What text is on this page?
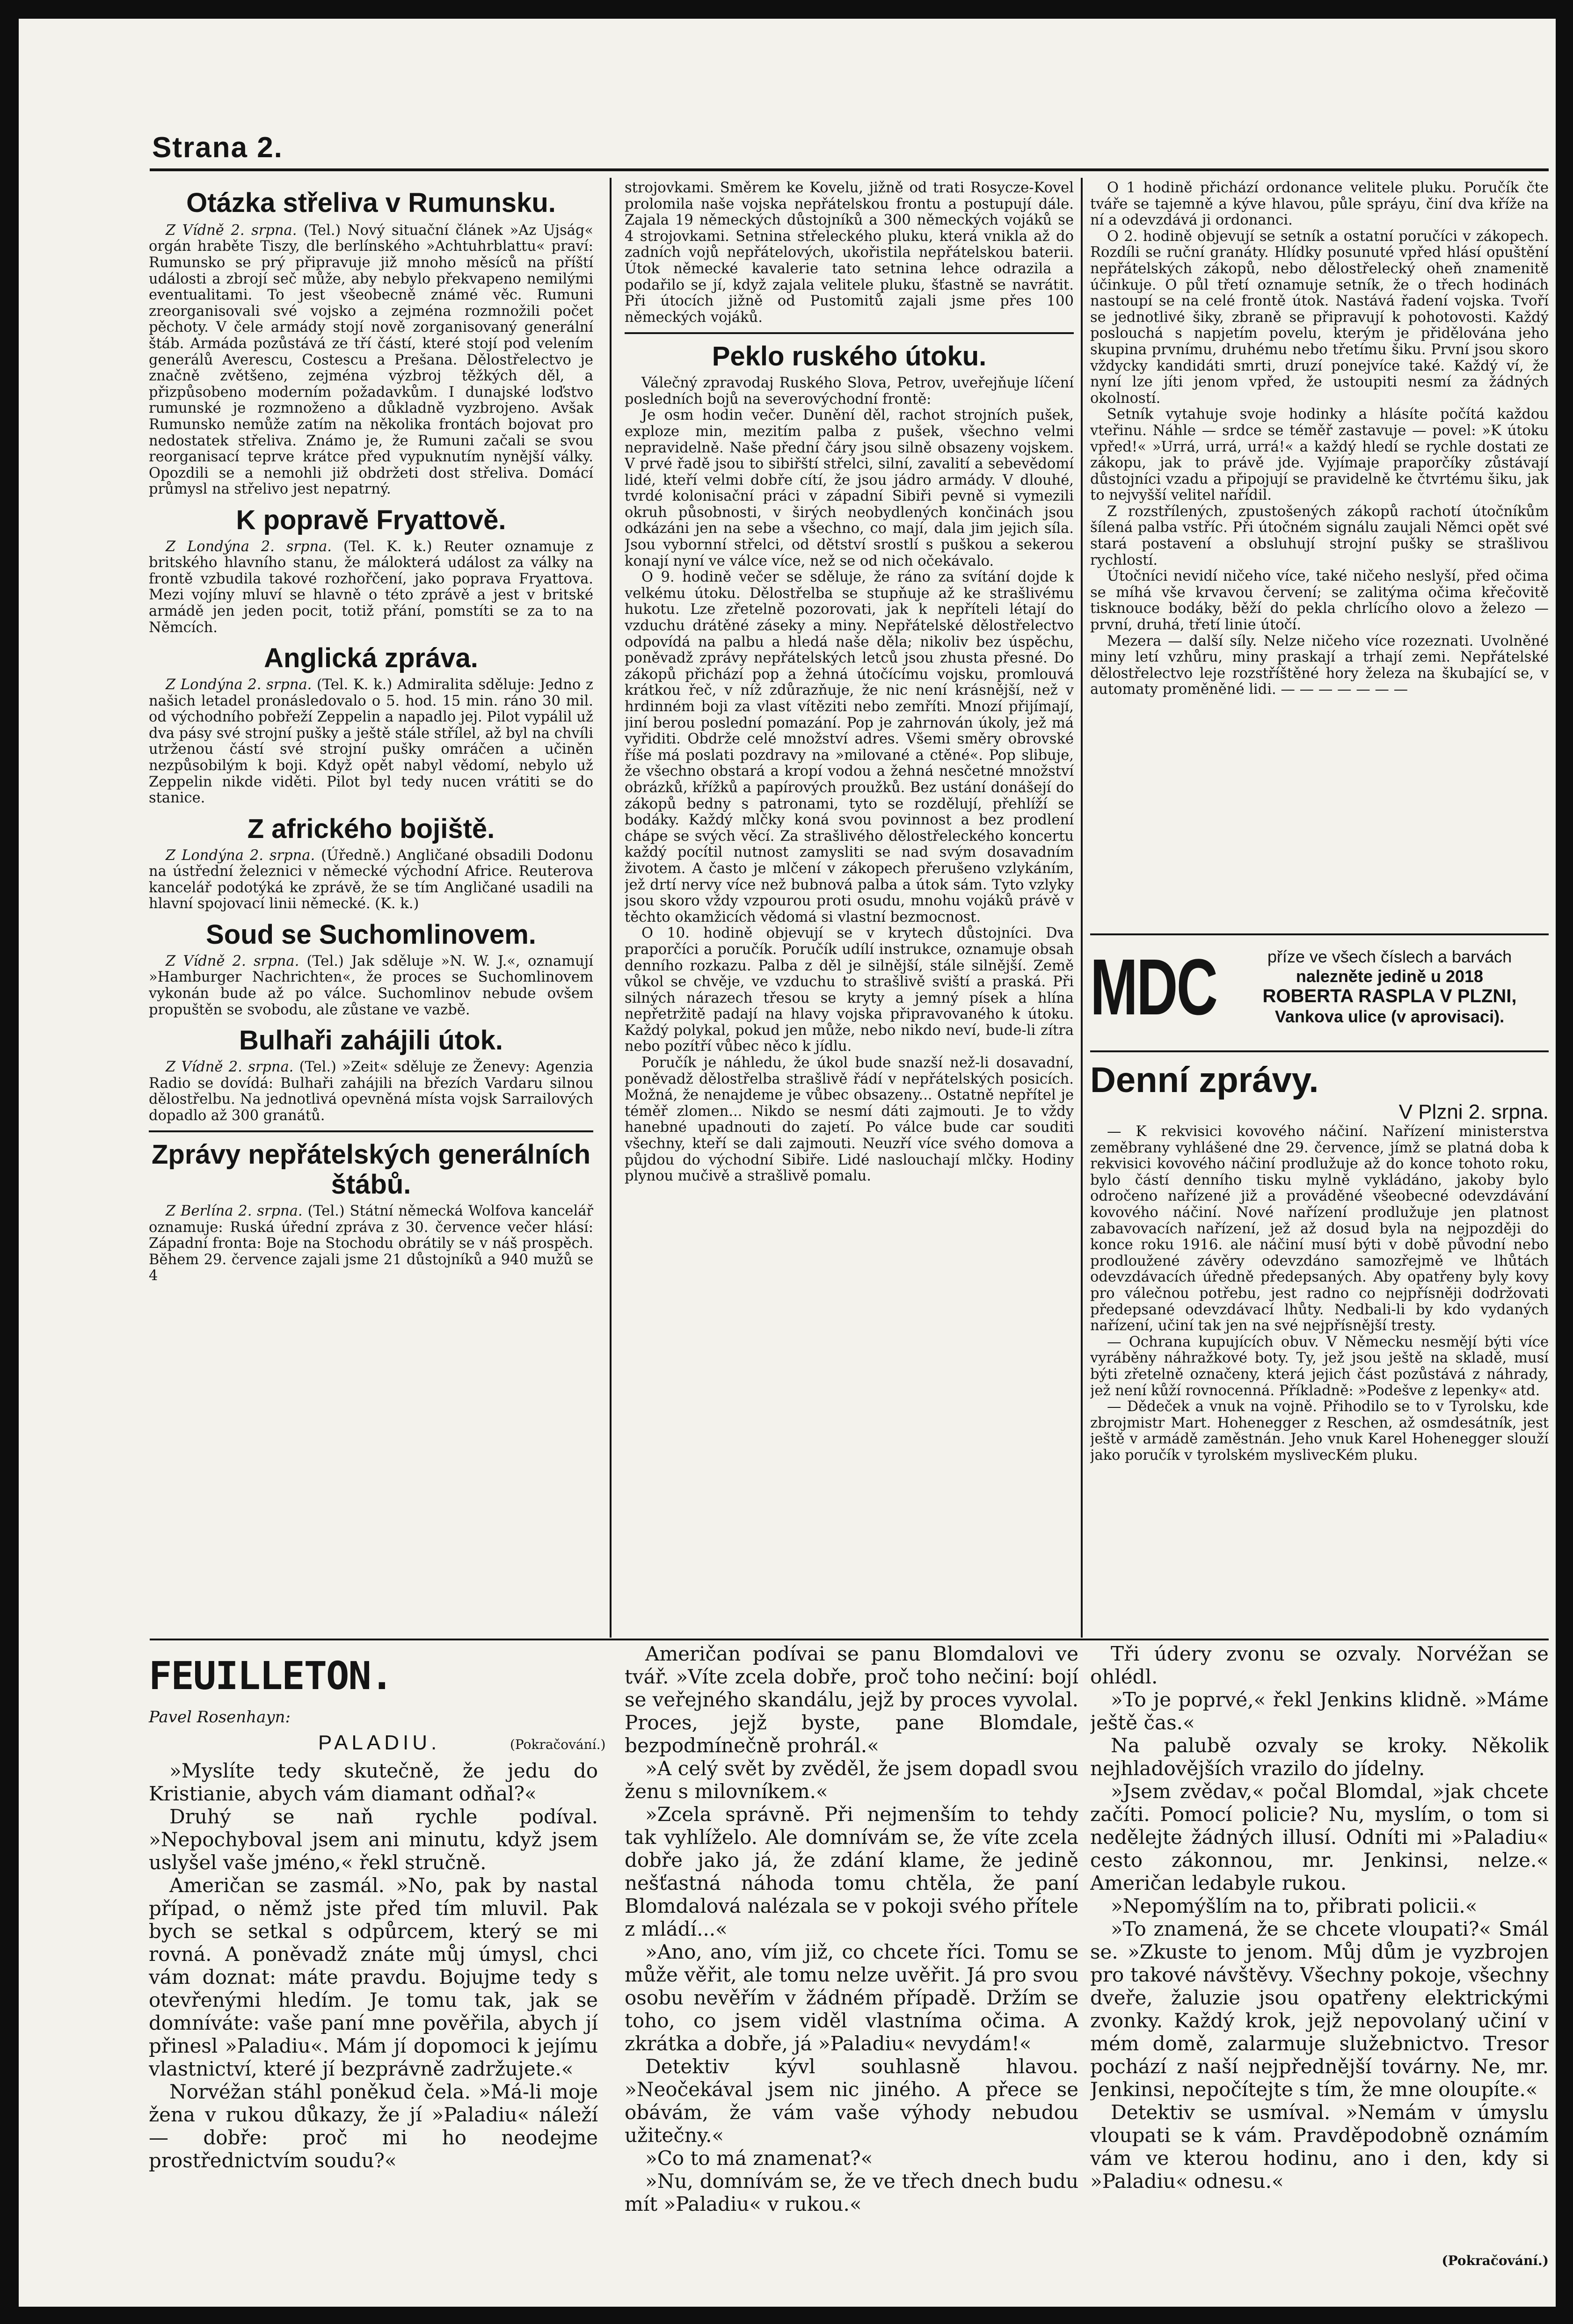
Strana 2.
Otázka střeliva v Rumunsku.

Z Vídně 2. srpna. (Tel.) Nový situační článek »Az Ujság« orgán hraběte Tiszy, dle berlínského »Achtuhrblattu« praví: Rumunsko se prý připravuje již mnoho měsíců na příští události a zbrojí seč může, aby nebylo překvapeno nemilými eventualitami. To jest všeobecně známé věc. Rumuni zreorganisovali své vojsko a zejména rozmnožili počet pěchoty. V čele armády stojí nově zorganisovaný generální štáb. Armáda pozůstává ze tří částí, které stojí pod velením generálů Averescu, Costescu a Prešana. Dělostřelectvo je značně zvětšeno, zejména výzbroj těžkých děl, a přizpůsobeno moderním požadavkům. I dunajské loďstvo rumunské je rozmnoženo a důkladně vyzbrojeno. Avšak Rumunsko nemůže zatím na několika frontách bojovat pro nedostatek střeliva. Známo je, že Rumuni začali se svou reorganisací teprve krátce před vypuknutím nynější války. Opozdili se a nemohli již obdržeti dost střeliva. Domácí průmysl na střelivo jest nepatrný.

K popravě Fryattově.

Z Londýna 2. srpna. (Tel. K. k.) Reuter oznamuje z britského hlavního stanu, že málokterá událost za války na frontě vzbudila takové rozhořčení, jako poprava Fryattova. Mezi vojíny mluví se hlavně o této zprávě a jest v britské armádě jen jeden pocit, totiž přání, pomstíti se za to na Němcích.

Anglická zpráva.

Z Londýna 2. srpna. (Tel. K. k.) Admiralita sděluje: Jedno z našich letadel pronásledovalo o 5. hod. 15 min. ráno 30 mil. od východního pobřeží Zeppelin a napadlo jej. Pilot vypálil už dva pásy své strojní pušky a ještě stále střílel, až byl na chvíli utrženou částí své strojní pušky omráčen a učiněn nezpůsobilým k boji. Když opět nabyl vědomí, nebylo už Zeppelin nikde viděti. Pilot byl tedy nucen vrátiti se do stanice.

Z afrického bojiště.

Z Londýna 2. srpna. (Úředně.) Angličané obsadili Dodonu na ústřední železnici v německé východní Africe. Reuterova kancelář podotýká ke zprávě, že se tím Angličané usadili na hlavní spojovací linii německé. (K. k.)

Soud se Suchomlinovem.

Z Vídně 2. srpna. (Tel.) Jak sděluje »N. W. J.«, oznamují »Hamburger Nachrichten«, že proces se Suchomlinovem vykonán bude až po válce. Suchomlinov nebude ovšem propuštěn se svobodu, ale zůstane ve vazbě.

Bulhaři zahájili útok.

Z Vídně 2. srpna. (Tel.) »Zeit« sděluje ze Ženevy: Agenzia Radio se dovídá: Bulhaři zahájili na březích Vardaru silnou dělostřelbu. Na jednotlivá opevněná místa vojsk Sarrailových dopadlo až 300 granátů.

Zprávy nepřátelských generálních štábů.

Z Berlína 2. srpna. (Tel.) Státní německá Wolfova kancelář oznamuje: Ruská úřední zpráva z 30. července večer hlásí: Západní fronta: Boje na Stochodu obrátily se v náš prospěch. Během 29. července zajali jsme 21 důstojníků a 940 mužů se 4

strojovkami. Směrem ke Kovelu, jižně od trati Rosycze-Kovel prolomila naše vojska nepřátelskou frontu a postupují dále. Zajala 19 německých důstojníků a 300 německých vojáků se 4 strojovkami. Setnina střeleckého pluku, která vnikla až do zadních vojů nepřátelových, ukořistila nepřátelskou baterii. Útok německé kavalerie tato setnina lehce odrazila a podařilo se jí, když zajala velitele pluku, šťastně se navrátit. Při útocích jižně od Pustomitů zajali jsme přes 100 německých vojáků.

Peklo ruského útoku.

Válečný zpravodaj Ruského Slova, Petrov, uveřejňuje líčení posledních bojů na severovýchodní frontě:

Je osm hodin večer. Dunění děl, rachot strojních pušek, exploze min, mezitím palba z pušek, všechno velmi nepravidelně. Naše přední čáry jsou silně obsazeny vojskem. V prvé řadě jsou to sibiřští střelci, silní, zavalití a sebevědomí lidé, kteří velmi dobře cítí, že jsou jádro armády. V dlouhé, tvrdé kolonisační práci v západní Sibiři pevně si vymezili okruh působnosti, v širých neobydlených končinách jsou odkázáni jen na sebe a všechno, co mají, dala jim jejich síla. Jsou vybornní střelci, od dětství srostlí s puškou a sekerou konají nyní ve válce více, než se od nich očekávalo.

O 9. hodině večer se sděluje, že ráno za svítání dojde k velkému útoku. Dělostřelba se stupňuje až ke strašlivému hukotu. Lze zřetelně pozorovati, jak k nepříteli létají do vzduchu drátěné záseky a miny. Nepřátelské dělostřelectvo odpovídá na palbu a hledá naše děla; nikoliv bez úspěchu, poněvadž zprávy nepřátelských letců jsou zhusta přesné. Do zákopů přichází pop a žehná útočícímu vojsku, promlouvá krátkou řeč, v níž zdůrazňuje, že nic není krásnější, než v hrdinném boji za vlast vítěziti nebo zemříti. Mnozí přijímají, jiní berou poslední pomazání. Pop je zahrnován úkoly, jež má vyřiditi. Obdrže celé množství adres. Všemi směry obrovské říše má poslati pozdravy na »milované a ctěné«. Pop slibuje, že všechno obstará a kropí vodou a žehná nesčetné množství obrázků, křížků a papírových proužků. Bez ustání donášejí do zákopů bedny s patronami, tyto se rozdělují, přehlíží se bodáky. Každý mlčky koná svou povinnost a bez prodlení chápe se svých věcí. Za strašlivého dělostřeleckého koncertu každý pocítil nutnost zamysliti se nad svým dosavadním životem. A často je mlčení v zákopech přerušeno vzlykáním, jež drtí nervy více než bubnová palba a útok sám. Tyto vzlyky jsou skoro vždy vzpourou proti osudu, mnohu vojáků právě v těchto okamžicích vědomá si vlastní bezmocnost.

O 10. hodině objevují se v krytech důstojníci. Dva praporčíci a poručík. Poručík udílí instrukce, oznamuje obsah denního rozkazu. Palba z děl je silnější, stále silnější. Země vůkol se chvěje, ve vzduchu to strašlivě sviští a praská. Při silných nárazech třesou se kryty a jemný písek a hlína nepřetržitě padají na hlavy vojska připravovaného k útoku. Každý polykal, pokud jen může, nebo nikdo neví, bude-li zítra nebo pozítří vůbec něco k jídlu.

Poručík je náhledu, že úkol bude snazší než-li dosavadní, poněvadž dělostřelba strašlivě řádí v nepřátelských posicích. Možná, že nenajdeme je vůbec obsazeny... Ostatně nepřítel je téměř zlomen... Nikdo se nesmí dáti zajmouti. Je to vždy hanebné upadnouti do zajetí. Po válce bude car souditi všechny, kteří se dali zajmouti. Neuzří více svého domova a půjdou do východní Sibiře. Lidé naslouchají mlčky. Hodiny plynou mučivě a strašlivě pomalu.

O 1 hodině přichází ordonance velitele pluku. Poručík čte tváře se tajemně a kýve hlavou, půle spráyu, činí dva kříže na ní a odevzdává ji ordonanci.

O 2. hodině objevují se setník a ostatní poručíci v zákopech. Rozdíli se ruční granáty. Hlídky posunuté vpřed hlásí opuštění nepřátelských zákopů, nebo dělostřelecký oheň znamenitě účinkuje. O půl třetí oznamuje setník, že o třech hodinách nastoupí se na celé frontě útok. Nastává řadení vojska. Tvoří se jednotlivé šiky, zbraně se připravují k pohotovosti. Každý poslouchá s napjetím povelu, kterým je přidělována jeho skupina prvnímu, druhému nebo třetímu šiku. První jsou skoro vždycky kandidáti smrti, druzí ponejvíce také. Každý ví, že nyní lze jíti jenom vpřed, že ustoupiti nesmí za žádných okolností.

Setník vytahuje svoje hodinky a hlásíte počítá každou vteřinu. Náhle — srdce se téměř zastavuje — povel: »K útoku vpřed!« »Urrá, urrá, urrá!« a každý hledí se rychle dostati ze zákopu, jak to právě jde. Vyjímaje praporčíky zůstávají důstojníci vzadu a připojují se pravidelně ke čtvrtému šiku, jak to nejvyšší velitel nařídil.

Z rozstřílených, zpustošených zákopů rachotí útočníkům šílená palba vstříc. Při útočném signálu zaujali Němci opět své stará postavení a obsluhují strojní pušky se strašlivou rychlostí.

Útočníci nevidí ničeho více, také ničeho neslyší, před očima se míhá vše krvavou červení; se zalitýma očima křečovitě tisknouce bodáky, běží do pekla chrlícího olovo a železo — první, druhá, třetí linie útočí.

Mezera — další síly. Nelze ničeho více rozeznati. Uvolněné miny letí vzhůru, miny praskají a trhají zemi. Nepřátelské dělostřelectvo leje rozstříštěné hory železa na škubající se, v automaty proměněné lidi. — — — — — — —

MDC	přízе ve všech číslech a barvách
nalezněte jedině u 2018
ROBERTA RASPLA V PLZNI,
Vankova ulice (v aprovisaci).
Denní zprávy.
V Plzni 2. srpna.

— K rekvisici kovového náčiní. Nařízení ministerstva zeměbrany vyhlášené dne 29. července, jímž se platná doba k rekvisici kovového náčiní prodlužuje až do konce tohoto roku, bylo částí denního tisku mylně vykládáno, jakoby bylo odročeno nařízené již a prováděné všeobecné odevzdávání kovového náčiní. Nové nařízení prodlužuje jen platnost zabavovacích nařízení, jež až dosud byla na nejpozději do konce roku 1916. ale náčiní musí býti v době původní nebo prodloužené závěry odevzdáno samozřejmě ve lhůtách odevzdávacích úředně předepsaných. Aby opatřeny byly kovy pro válečnou potřebu, jest radno co nejpřísněji dodržovati předepsané odevzdávací lhůty. Nedbali-li by kdo vydaných nařízení, učiní tak jen na své nejpřísnější tresty.

— Ochrana kupujících obuv. V Německu nesmějí býti více vyráběny náhražkové boty. Ty, jež jsou ještě na skladě, musí býti zřetelně označeny, která jejich část pozůstává z náhrady, jež není kůží rovnocenná. Příkladně: »Podešve z lepenky« atd.

— Dědeček a vnuk na vojně. Přihodilo se to v Tyrolsku, kde zbrojmistr Mart. Hohenegger z Reschen, až osmdesátník, jest ještě v armádě zaměstnán. Jeho vnuk Karel Hohenegger slouží jako poručík v tyrolském myslivecKém pluku.

FEUILLETON.
Pavel Rosenhayn:
PALADIU.	(Pokračování.)

»Myslíte tedy skutečně, že jedu do Kristianie, abych vám diamant odňal?«

Druhý se naň rychle podíval. »Nepochyboval jsem ani minutu, když jsem uslyšel vaše jméno,« řekl stručně.

Američan se zasmál. »No, pak by nastal případ, o němž jste před tím mluvil. Pak bych se setkal s odpůrcem, který se mi rovná. A poněvadž znáte můj úmysl, chci vám doznat: máte pravdu. Bojujme tedy s otevřenými hledím. Je tomu tak, jak se domníváte: vaše paní mne pověřila, abych jí přinesl »Paladiu«. Mám jí dopomoci k jejímu vlastnictví, které jí bezprávně zadržujete.«

Norvéžan stáhl poněkud čela. »Má-li moje žena v rukou důkazy, že jí »Paladiu« náleží — dobře: proč mi ho neodejme prostřednictvím soudu?«

Američan podívai se panu Blomdalovi ve tvář. »Víte zcela dobře, proč toho nečiní: bojí se veřejného skandálu, jejž by proces vyvolal. Proces, jejž byste, pane Blomdale, bezpodmínečně prohrál.«

»A celý svět by zvěděl, že jsem dopadl svou ženu s milovníkem.«

»Zcela správně. Při nejmenším to tehdy tak vyhlíželo. Ale domnívám se, že víte zcela dobře jako já, že zdání klame, že jedině nešťastná náhoda tomu chtěla, že paní Blomdalová nalézala se v pokoji svého přítele z mládí...«

»Ano, ano, vím již, co chcete říci. Tomu se může věřit, ale tomu nelze uvěřit. Já pro svou osobu nevěřím v žádném případě. Držím se toho, co jsem viděl vlastníma očima. A zkrátka a dobře, já »Paladiu« nevydám!«

Detektiv kývl souhlasně hlavou. »Neočekával jsem nic jiného. A přece se obávám, že vám vaše výhody nebudou užitečny.«

»Co to má znamenat?«

»Nu, domnívám se, že ve třech dnech budu mít »Paladiu« v rukou.«

Tři údery zvonu se ozvaly. Norvéžan se ohlédl.

»To je poprvé,« řekl Jenkins klidně. »Máme ještě čas.«

Na palubě ozvaly se kroky. Několik nejhladovějších vrazilo do jídelny.

»Jsem zvědav,« počal Blomdal, »jak chcete začíti. Pomocí policie? Nu, myslím, o tom si nedělejte žádných illusí. Odníti mi »Paladiu« cesto zákonnou, mr. Jenkinsi, nelze.« Američan ledabyle rukou.

»Nepomýšlím na to, přibrati policii.«

»To znamená, že se chcete vloupati?« Smál se. »Zkuste to jenom. Můj dům je vyzbrojen pro takové návštěvy. Všechny pokoje, všechny dveře, žaluzie jsou opatřeny elektrickými zvonky. Každý krok, jejž nepovolaný učiní v mém domě, zalarmuje služebnictvo. Tresor pochází z naší nejpřednější továrny. Ne, mr. Jenkinsi, nepočítejte s tím, že mne oloupíte.«

Detektiv se usmíval. »Nemám v úmyslu vloupati se k vám. Pravděpodobně oznámím vám ve kterou hodinu, ano i den, kdy si »Paladiu« odnesu.«

(Pokračování.)
